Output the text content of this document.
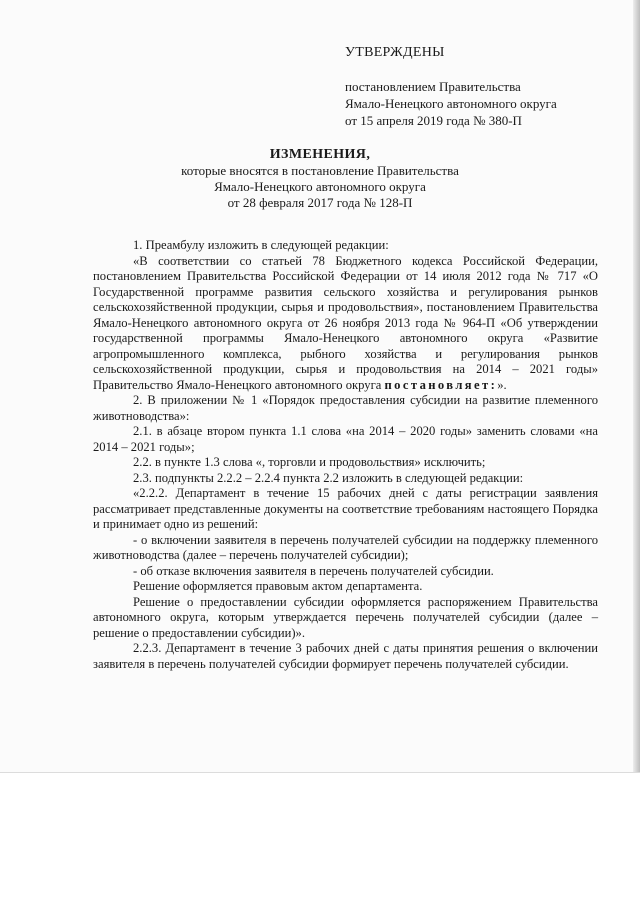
УТВЕРЖДЕНЫ
постановлением Правительства
Ямало-Ненецкого автономного округа
от 15 апреля 2019 года № 380-П
ИЗМЕНЕНИЯ,
которые вносятся в постановление Правительства
Ямало-Ненецкого автономного округа
от 28 февраля 2017 года № 128-П

1. Преамбулу изложить в следующей редакции:

«В соответствии со статьей 78 Бюджетного кодекса Российской Федерации, постановлением Правительства Российской Федерации от 14 июля 2012 года № 717 «О Государственной программе развития сельского хозяйства и регулирования рынков сельскохозяйственной продукции, сырья и продовольствия», постановлением Правительства Ямало-Ненецкого автономного округа от 26 ноября 2013 года № 964-П «Об утверждении государственной программы Ямало-Ненецкого автономного округа «Развитие агропромышленного комплекса, рыбного хозяйства и регулирования рынков сельскохозяйственной продукции, сырья и продовольствия на 2014 – 2021 годы» Правительство Ямало-Ненецкого автономного округа постановляет:».

2. В приложении № 1 «Порядок предоставления субсидии на развитие племенного животноводства»:

2.1. в абзаце втором пункта 1.1 слова «на 2014 – 2020 годы» заменить словами «на 2014 – 2021 годы»;

2.2. в пункте 1.3 слова «, торговли и продовольствия» исключить;

2.3. подпункты 2.2.2 – 2.2.4 пункта 2.2 изложить в следующей редакции:

«2.2.2. Департамент в течение 15 рабочих дней с даты регистрации заявления рассматривает представленные документы на соответствие требованиям настоящего Порядка и принимает одно из решений:

- о включении заявителя в перечень получателей субсидии на поддержку племенного животноводства (далее – перечень получателей субсидии);

- об отказе включения заявителя в перечень получателей субсидии.

Решение оформляется правовым актом департамента.

Решение о предоставлении субсидии оформляется распоряжением Правительства автономного округа, которым утверждается перечень получателей субсидии (далее – решение о предоставлении субсидии)».

2.2.3. Департамент в течение 3 рабочих дней с даты принятия решения о включении заявителя в перечень получателей субсидии формирует перечень получателей субсидии.
